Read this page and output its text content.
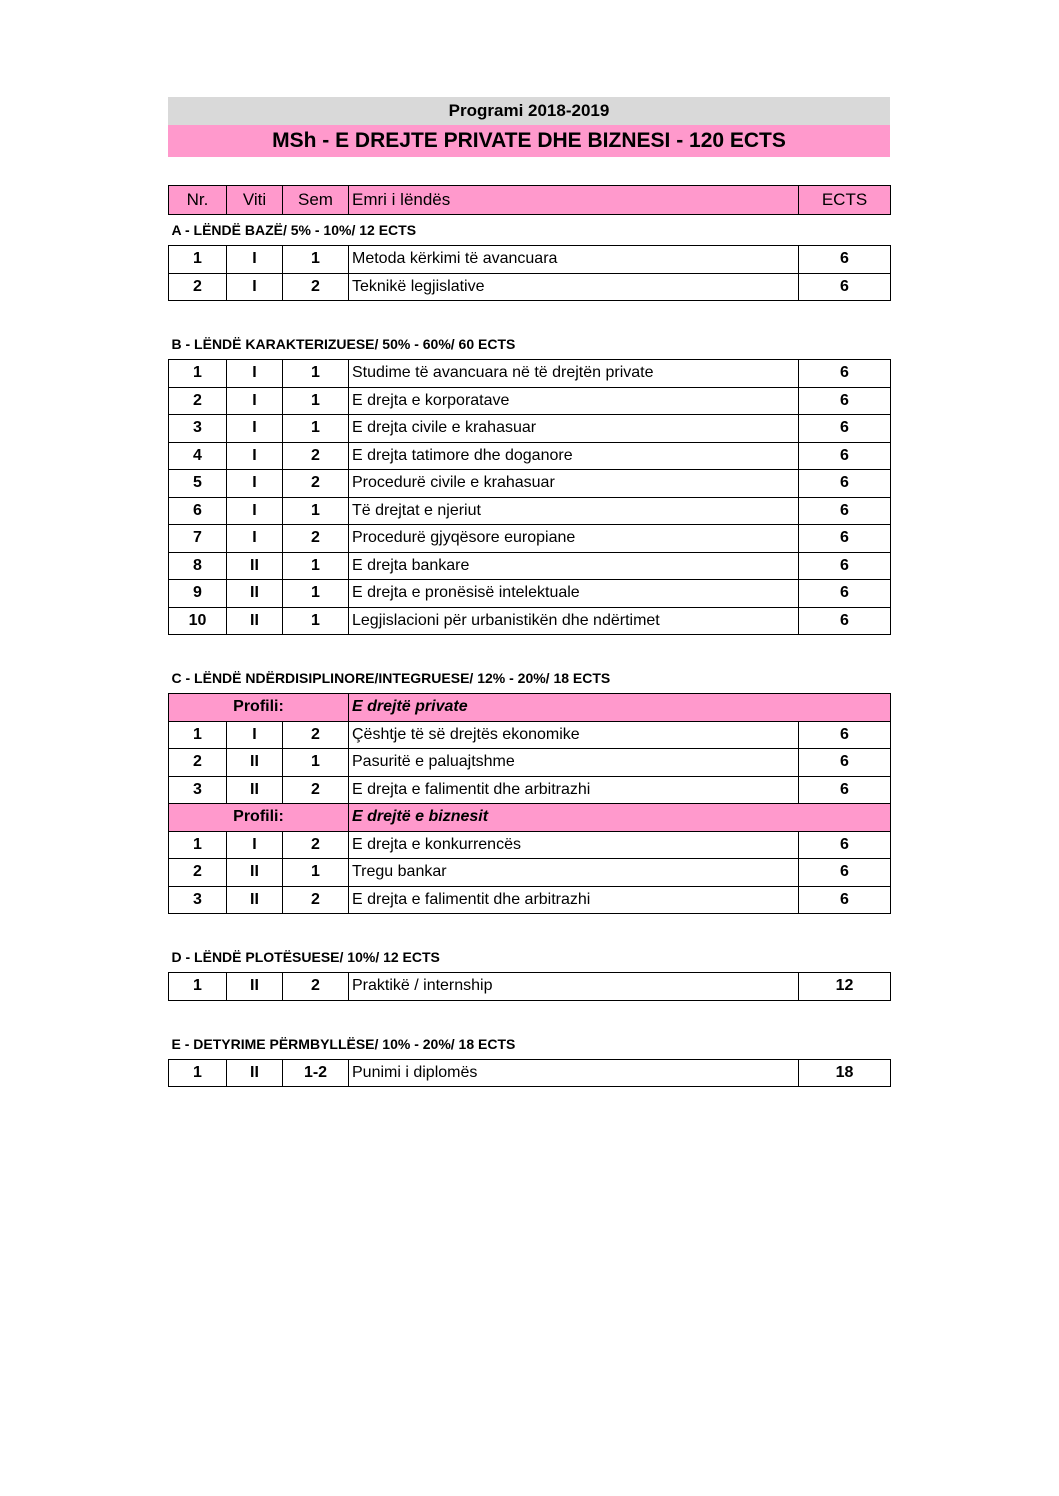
Programi 2018-2019
MSh - E DREJTE PRIVATE DHE BIZNESI - 120 ECTS
Nr.	Viti	Sem	Emri i lëndës	ECTS
A - LËNDË BAZË/ 5% - 10%/ 12 ECTS				
1	I	1	Metoda kërkimi të avancuara	6
2	I	2	Teknikë legjislative	6

B - LËNDË KARAKTERIZUESE/ 50% - 60%/ 60 ECTS				
1	I	1	Studime të avancuara në të drejtën private	6
2	I	1	E drejta e korporatave	6
3	I	1	E drejta civile e krahasuar	6
4	I	2	E drejta tatimore dhe doganore	6
5	I	2	Procedurë civile e krahasuar	6
6	I	1	Të drejtat e njeriut	6
7	I	2	Procedurë gjyqësore europiane	6
8	II	1	E drejta bankare	6
9	II	1	E drejta e pronësisë intelektuale	6
10	II	1	Legjislacioni për urbanistikën dhe ndërtimet	6

C - LËNDË NDËRDISIPLINORE/INTEGRUESE/ 12% - 20%/ 18 ECTS				
Profili:			E drejtë private	
1	I	2	Çështje të së drejtës ekonomike	6
2	II	1	Pasuritë e paluajtshme	6
3	II	2	E drejta e falimentit dhe arbitrazhi	6
Profili:			E drejtë e biznesit	
1	I	2	E drejta e konkurrencës	6
2	II	1	Tregu bankar	6
3	II	2	E drejta e falimentit dhe arbitrazhi	6

D - LËNDË PLOTËSUESE/ 10%/ 12 ECTS				
1	II	2	Praktikë / internship	12

E - DETYRIME PËRMBYLLËSE/ 10% - 20%/ 18 ECTS				
1	II	1-2	Punimi i diplomës	18
